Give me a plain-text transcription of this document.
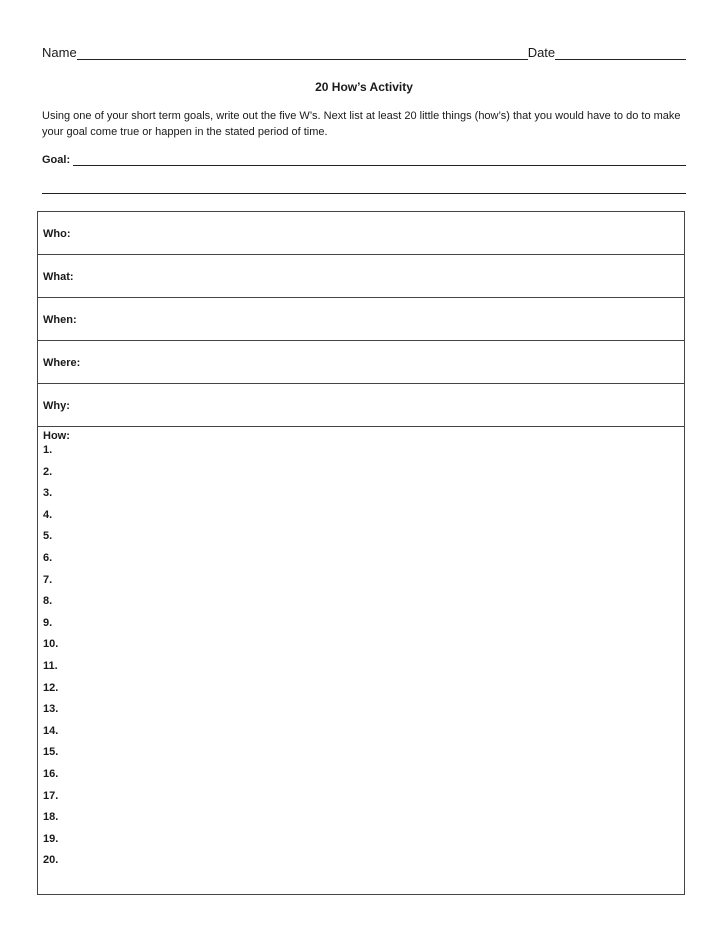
Name	Date
20 How’s Activity
Using one of your short term goals, write out the five W’s. Next list at least 20 little things (how’s) that you would have to do to make your goal come true or happen in the stated period of time.
Goal:
Who:
What:
When:
Where:
Why:
How:
1.
2.
3.
4.
5.
6.
7.
8.
9.
10.
11.
12.
13.
14.
15.
16.
17.
18.
19.
20.
